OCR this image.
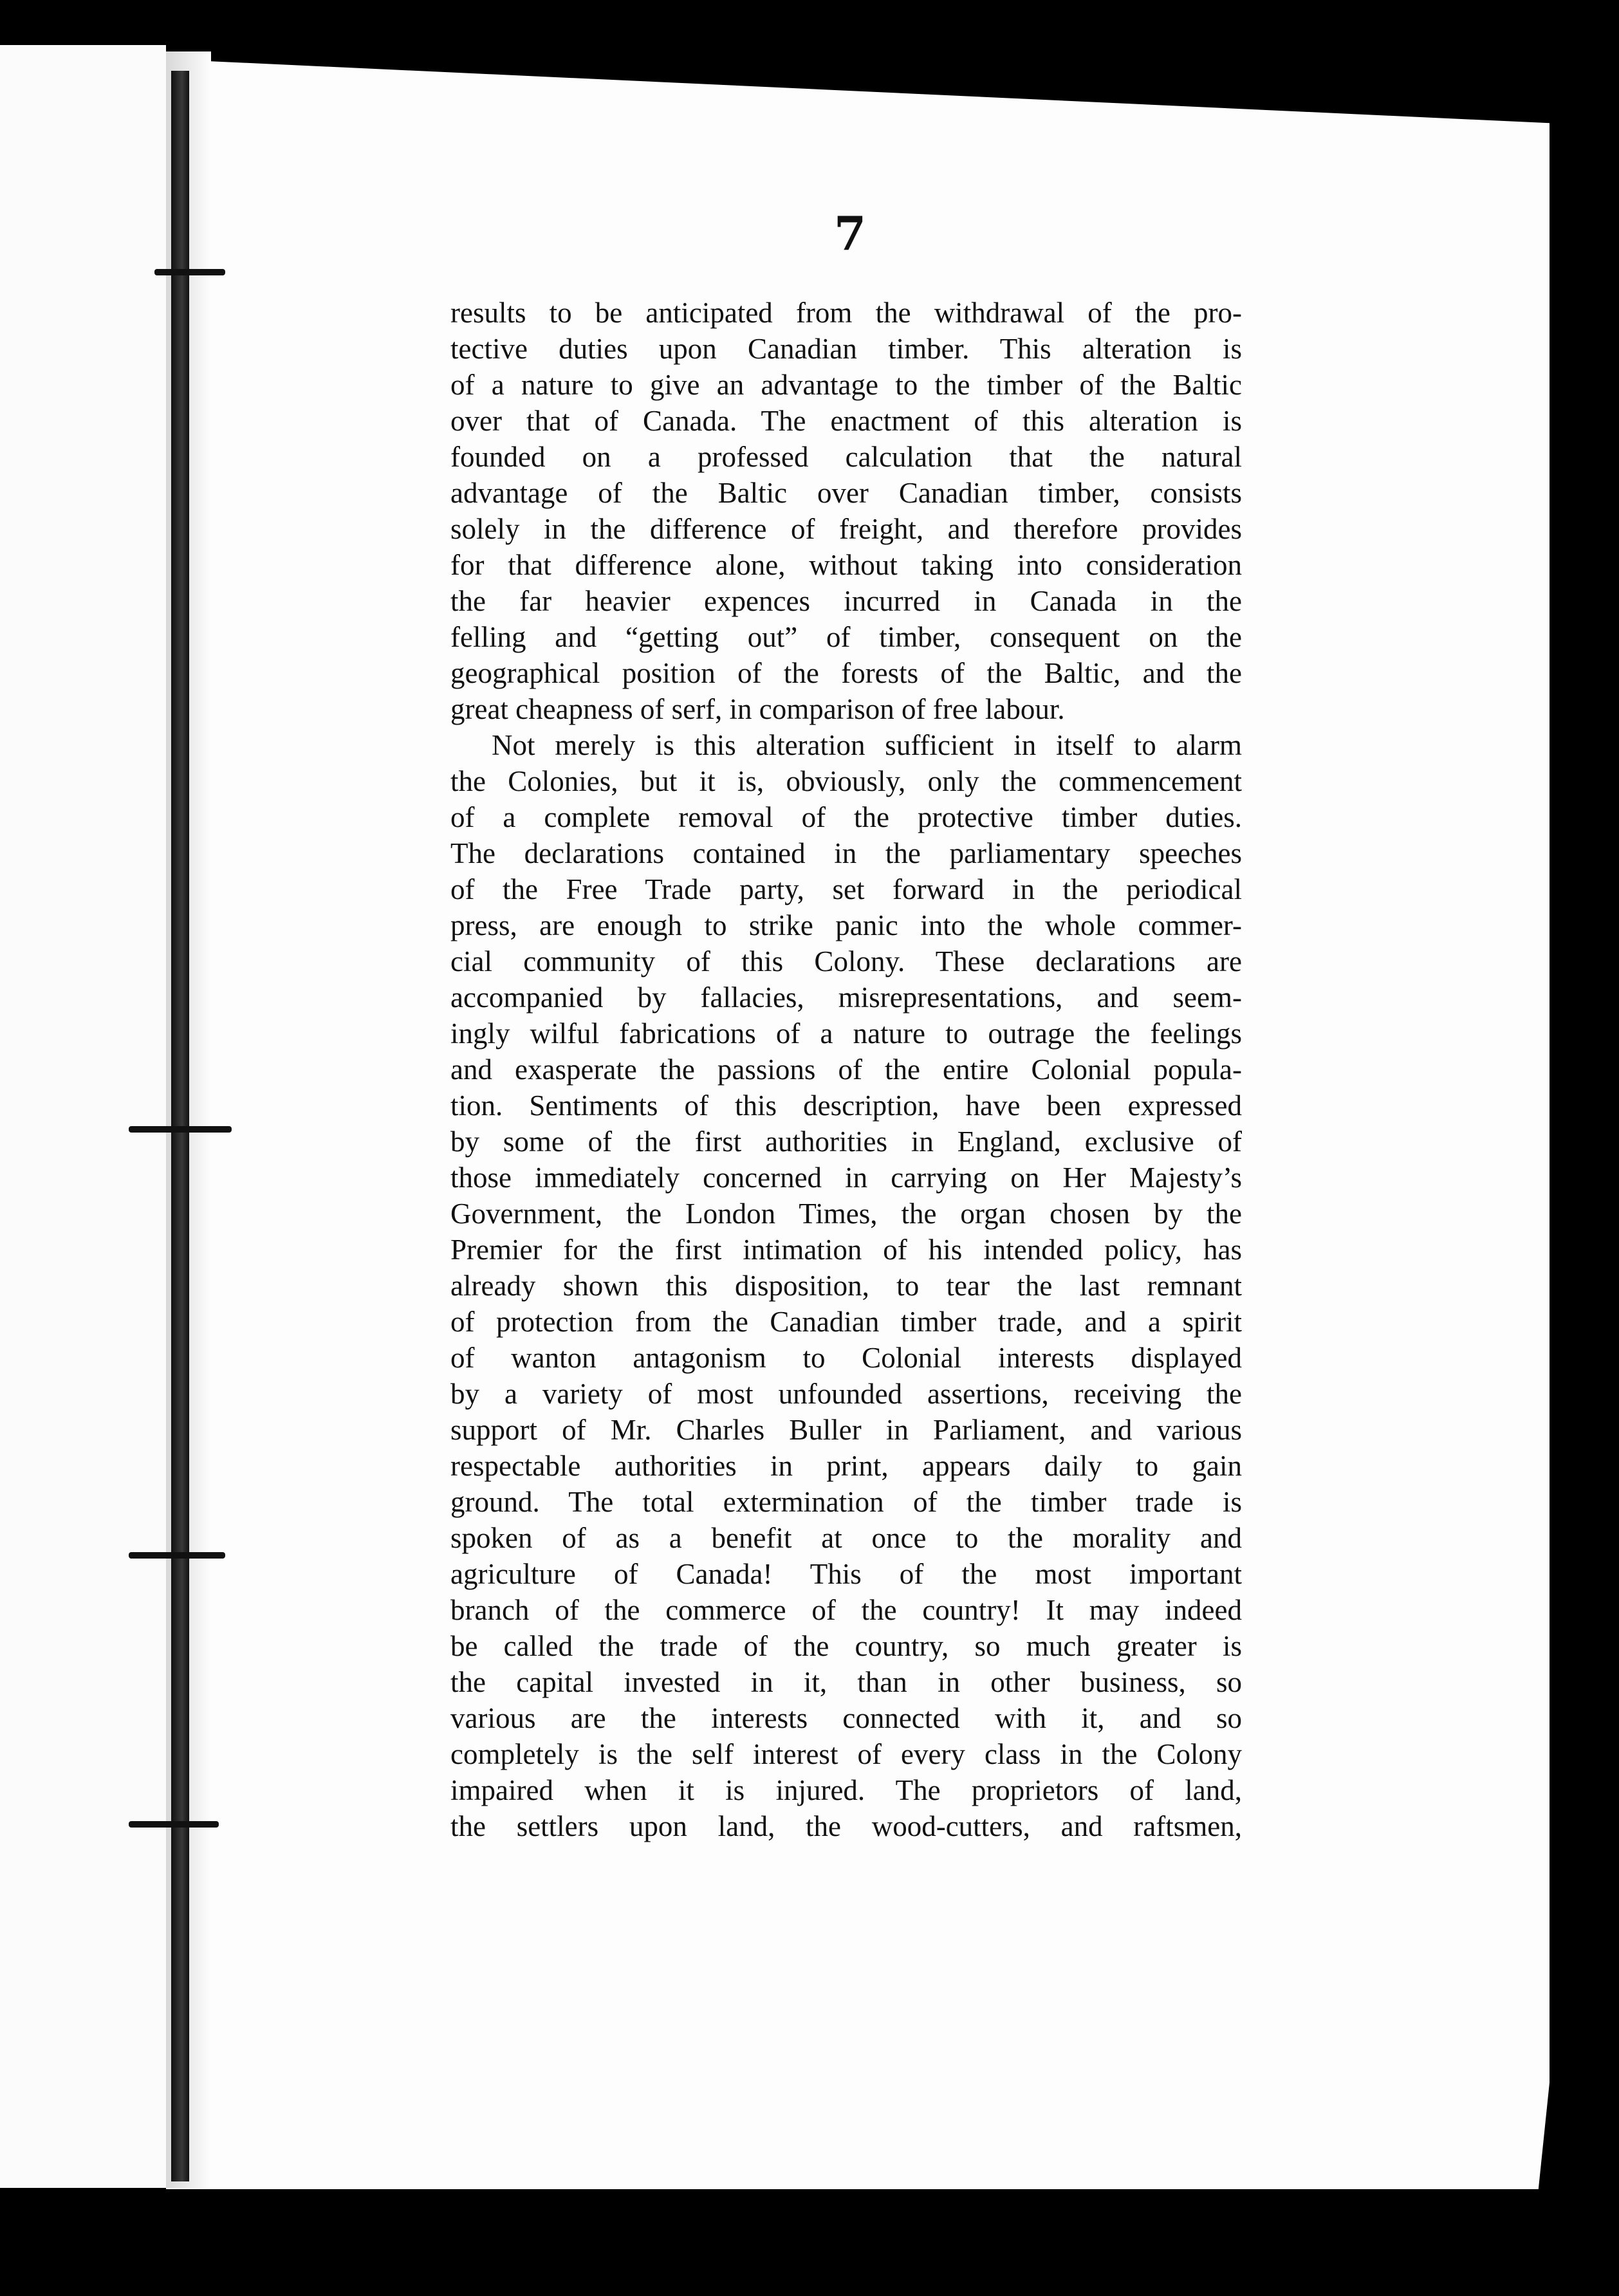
7
results to be anticipated from the withdrawal of the pro-
tective duties upon Canadian timber. This alteration is
of a nature to give an advantage to the timber of the Baltic
over that of Canada. The enactment of this alteration is
founded on a professed calculation that the natural
advantage of the Baltic over Canadian timber, consists
solely in the difference of freight, and therefore provides
for that difference alone, without taking into consideration
the far heavier expences incurred in Canada in the
felling and “getting out” of timber, consequent on the
geographical position of the forests of the Baltic, and the
great cheapness of serf, in comparison of free labour.
Not merely is this alteration sufficient in itself to alarm
the Colonies, but it is, obviously, only the commencement
of a complete removal of the protective timber duties.
The declarations contained in the parliamentary speeches
of the Free Trade party, set forward in the periodical
press, are enough to strike panic into the whole commer-
cial community of this Colony. These declarations are
accompanied by fallacies, misrepresentations, and seem-
ingly wilful fabrications of a nature to outrage the feelings
and exasperate the passions of the entire Colonial popula-
tion. Sentiments of this description, have been expressed
by some of the first authorities in England, exclusive of
those immediately concerned in carrying on Her Majesty’s
Government, the London Times, the organ chosen by the
Premier for the first intimation of his intended policy, has
already shown this disposition, to tear the last remnant
of protection from the Canadian timber trade, and a spirit
of wanton antagonism to Colonial interests displayed
by a variety of most unfounded assertions, receiving the
support of Mr. Charles Buller in Parliament, and various
respectable authorities in print, appears daily to gain
ground. The total extermination of the timber trade is
spoken of as a benefit at once to the morality and
agriculture of Canada! This of the most important
branch of the commerce of the country! It may indeed
be called the trade of the country, so much greater is
the capital invested in it, than in other business, so
various are the interests connected with it, and so
completely is the self interest of every class in the Colony
impaired when it is injured. The proprietors of land,
the settlers upon land, the wood-cutters, and raftsmen,
